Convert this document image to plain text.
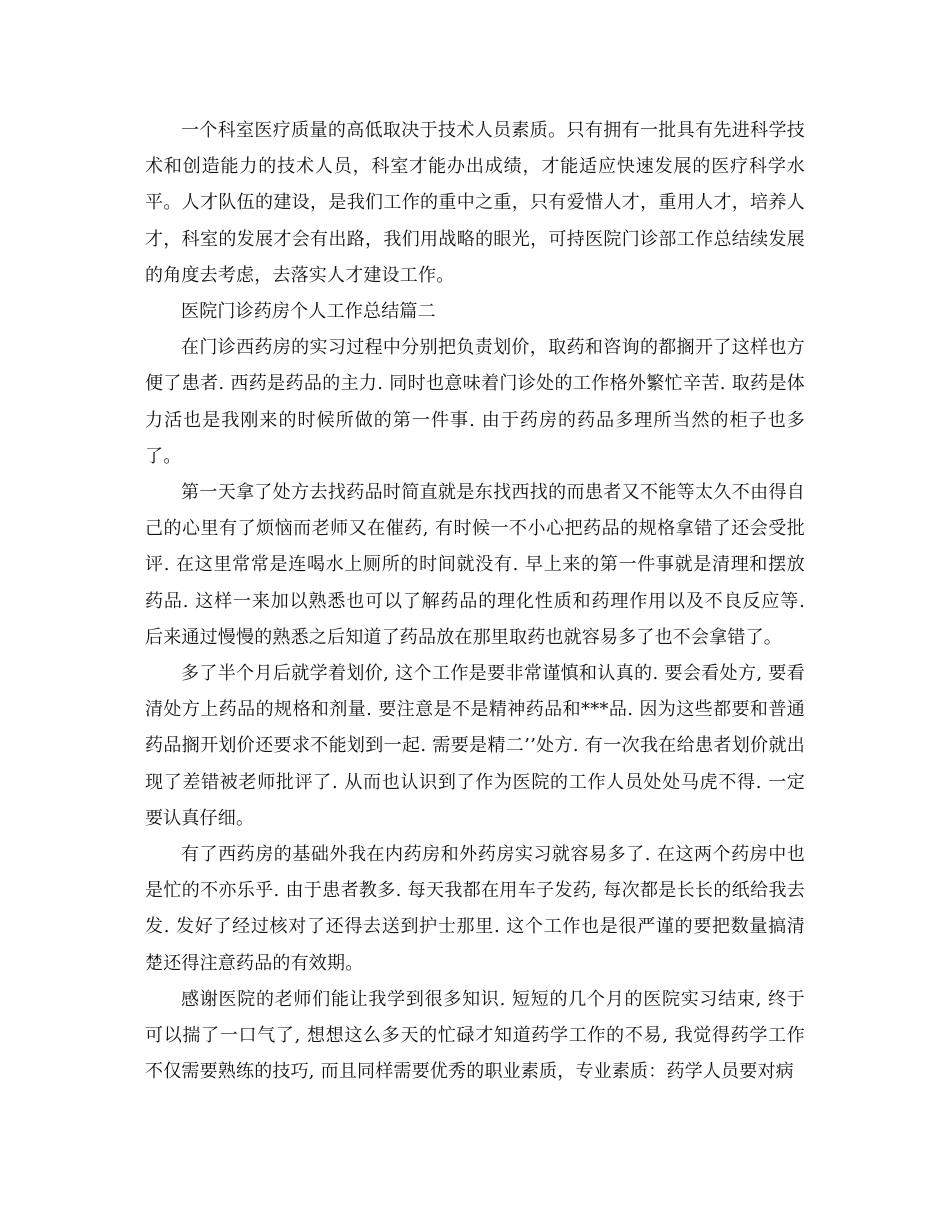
一个科室医疗质量的高低取决于技术人员素质。只有拥有一批具有先进科学技术和创造能力的技术人员，科室才能办出成绩，才能适应快速发展的医疗科学水平。人才队伍的建设，是我们工作的重中之重，只有爱惜人才，重用人才，培养人才，科室的发展才会有出路，我们用战略的眼光，可持医院门诊部工作总结续发展的角度去考虑，去落实人才建设工作。

医院门诊药房个人工作总结篇二

在门诊西药房的实习过程中分别把负责划价，取药和咨询的都搁开了这样也方便了患者. 西药是药品的主力. 同时也意味着门诊处的工作格外繁忙辛苦. 取药是体力活也是我刚来的时候所做的第一件事. 由于药房的药品多理所当然的柜子也多了。

第一天拿了处方去找药品时简直就是东找西找的而患者又不能等太久不由得自己的心里有了烦恼而老师又在催药, 有时候一不小心把药品的规格拿错了还会受批评. 在这里常常是连喝水上厕所的时间就没有. 早上来的第一件事就是清理和摆放药品. 这样一来加以熟悉也可以了解药品的理化性质和药理作用以及不良反应等. 后来通过慢慢的熟悉之后知道了药品放在那里取药也就容易多了也不会拿错了。

多了半个月后就学着划价, 这个工作是要非常谨慎和认真的. 要会看处方, 要看清处方上药品的规格和剂量. 要注意是不是精神药品和***品. 因为这些都要和普通药品搁开划价还要求不能划到一起. 需要是精二’’处方. 有一次我在给患者划价就出现了差错被老师批评了. 从而也认识到了作为医院的工作人员处处马虎不得. 一定要认真仔细。

有了西药房的基础外我在内药房和外药房实习就容易多了. 在这两个药房中也是忙的不亦乐乎. 由于患者教多. 每天我都在用车子发药, 每次都是长长的纸给我去发. 发好了经过核对了还得去送到护士那里. 这个工作也是很严谨的要把数量搞清楚还得注意药品的有效期。

感谢医院的老师们能让我学到很多知识. 短短的几个月的医院实习结束, 终于可以揣了一口气了, 想想这么多天的忙碌才知道药学工作的不易, 我觉得药学工作不仅需要熟练的技巧, 而且同样需要优秀的职业素质，专业素质：药学人员要对病
